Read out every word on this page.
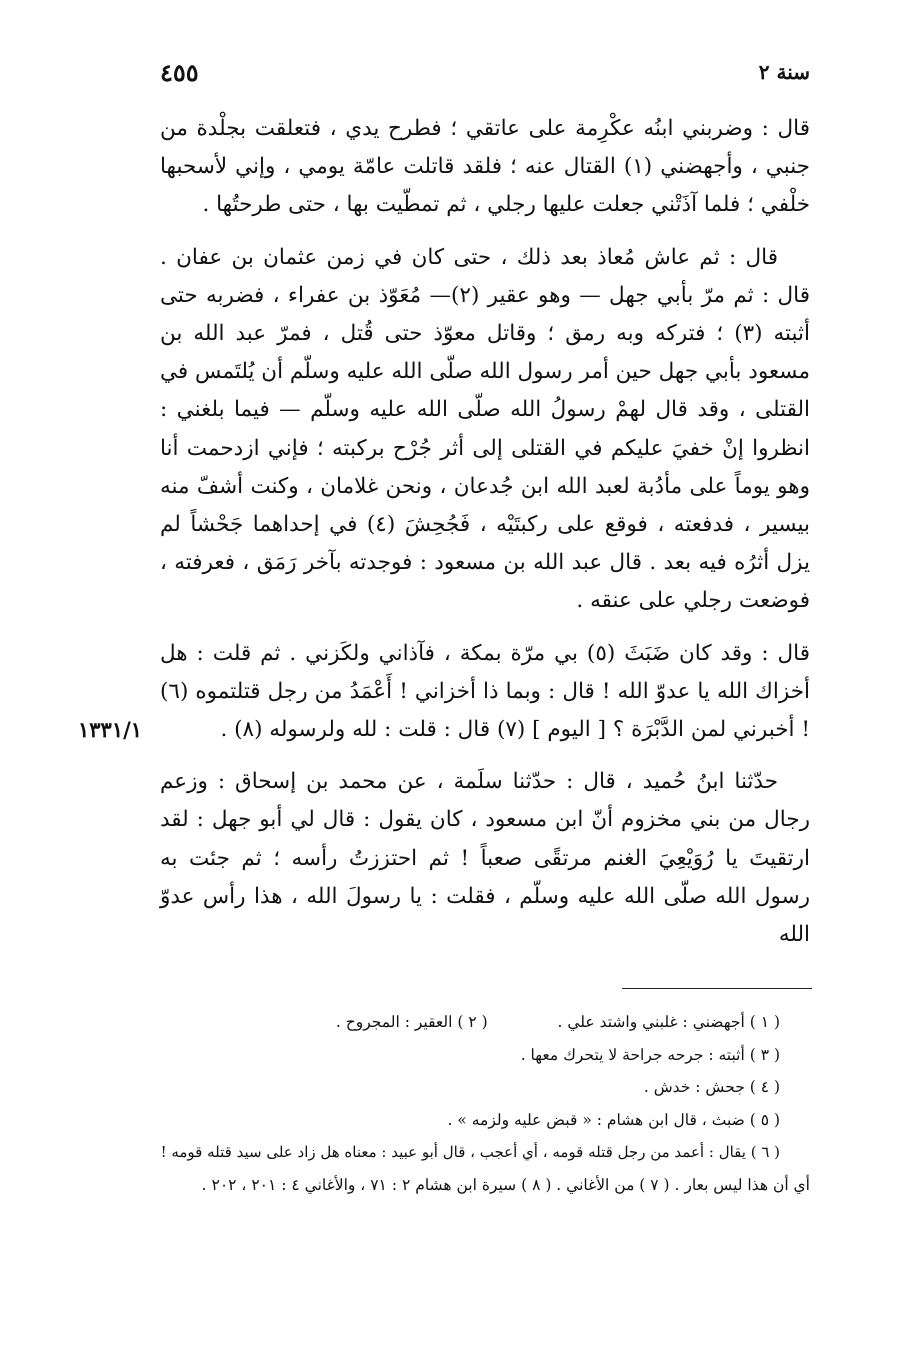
٤٥٥	سنة ٢

قال : وضربني ابنُه عكْرِمة على عاتقي ؛ فطرح يدي ، فتعلقت بجلْدة من جنبي ، وأجهضني (١) القتال عنه ؛ فلقد قاتلت عامّة يومي ، وإني لأسحبها خلْفي ؛ فلما آذَتْني جعلت عليها رجلي ، ثم تمطّيت بها ، حتى طرحتُها .

قال : ثم عاش مُعاذ بعد ذلك ، حتى كان في زمن عثمان بن عفان . قال : ثم مرّ بأبي جهل — وهو عقير (٢)— مُعَوّذ بن عفراء ، فضربه حتى أثبته (٣) ؛ فتركه وبه رمق ؛ وقاتل معوّذ حتى قُتل ، فمرّ عبد الله بن مسعود بأبي جهل حين أمر رسول الله صلّى الله عليه وسلّم أن يُلتَمس في القتلى ، وقد قال لهمْ رسولُ الله صلّى الله عليه وسلّم — فيما بلغني : انظروا إنْ خفيَ عليكم في القتلى إلى أثر جُرْح بركبته ؛ فإني ازدحمت أنا وهو يوماً على مأدُبة لعبد الله ابن جُدعان ، ونحن غلامان ، وكنت أشفّ منه بيسير ، فدفعته ، فوقع على ركبتَيْه ، فَجُحِشَ (٤) في إحداهما جَحْشاً لم يزل أثرُه فيه بعد . قال عبد الله بن مسعود : فوجدته بآخر رَمَق ، فعرفته ، فوضعت رجلي على عنقه .

قال : وقد كان ضَبَثَ (٥) بي مرّة بمكة ، فآذاني ولكَزني . ثم قلت : هل أخزاك الله يا عدوّ الله ! قال : وبما ذا أخزاني ! أَعْمَدُ من رجل قتلتموه (٦) ! أخبرني لمن الدَّبْرَة ؟ [ اليوم ] (٧) قال : قلت : لله ولرسوله (٨) .

حدّثنا ابنُ حُميد ، قال : حدّثنا سلَمة ، عن محمد بن إسحاق : وزعم رجال من بني مخزوم أنّ ابن مسعود ، كان يقول : قال لي أبو جهل : لقد ارتقيتَ يا رُوَيْعِيَ الغنم مرتقًى صعباً ! ثم احتززتُ رأسه ؛ ثم جئت به رسول الله صلّى الله عليه وسلّم ، فقلت : يا رسولَ الله ، هذا رأس عدوّ الله

١٣٣١/١
( ١ ) أجهضني : غلبني واشتد علي .  ( ٢ ) العقير : المجروح .
( ٣ ) أثبته : جرحه جراحة لا يتحرك معها .
( ٤ ) جحش : خدش .
( ٥ ) ضبث ، قال ابن هشام : « قبض عليه ولزمه » .
( ٦ ) يقال : أعمد من رجل قتله قومه ، أي أعجب ، قال أبو عبيد : معناه هل زاد على سيد قتله قومه !
أي أن هذا ليس بعار . ( ٧ ) من الأغاني . ( ٨ ) سيرة ابن هشام ٢ : ٧١ ، والأغاني ٤ : ٢٠١ ، ٢٠٢ .
